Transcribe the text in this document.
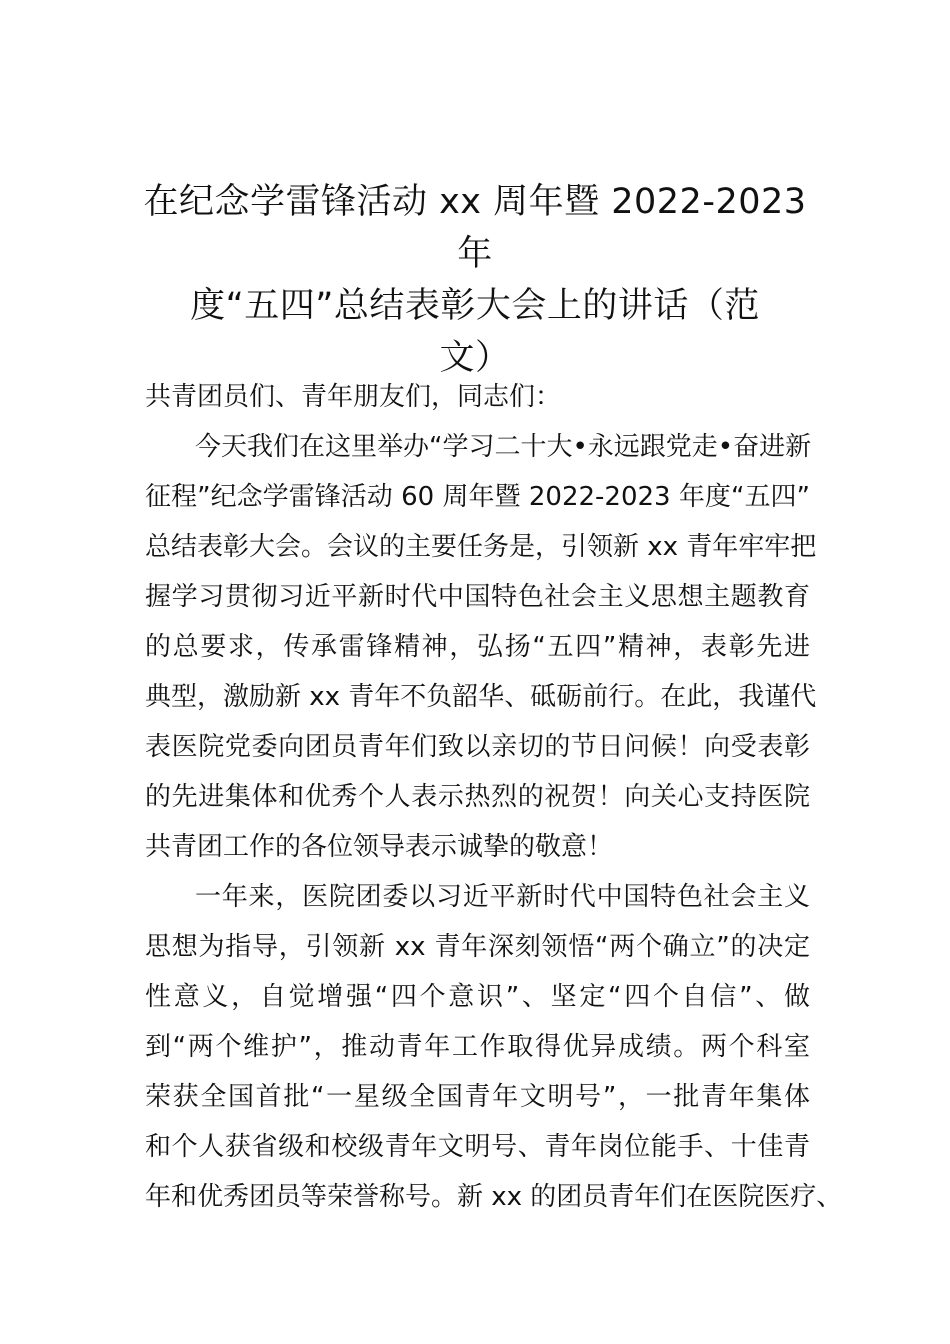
在纪念学雷锋活动 xx 周年暨 2022-2023 年
度“五四”总结表彰大会上的讲话（范
文）
共青团员们、青年朋友们，同志们：
今天我们在这里举办“学习二十大•永远跟党走•奋进新
征程”纪念学雷锋活动 60 周年暨 2022-2023 年度“五四”
总结表彰大会。会议的主要任务是，引领新 xx 青年牢牢把
握学习贯彻习近平新时代中国特色社会主义思想主题教育
的总要求，传承雷锋精神，弘扬“五四”精神，表彰先进
典型，激励新 xx 青年不负韶华、砥砺前行。在此，我谨代
表医院党委向团员青年们致以亲切的节日问候！向受表彰
的先进集体和优秀个人表示热烈的祝贺！向关心支持医院
共青团工作的各位领导表示诚挚的敬意！
一年来，医院团委以习近平新时代中国特色社会主义
思想为指导，引领新 xx 青年深刻领悟“两个确立”的决定
性意义，自觉增强“四个意识”、坚定“四个自信”、做
到“两个维护”，推动青年工作取得优异成绩。两个科室
荣获全国首批“一星级全国青年文明号”，一批青年集体
和个人获省级和校级青年文明号、青年岗位能手、十佳青
年和优秀团员等荣誉称号。新 xx 的团员青年们在医院医疗、
